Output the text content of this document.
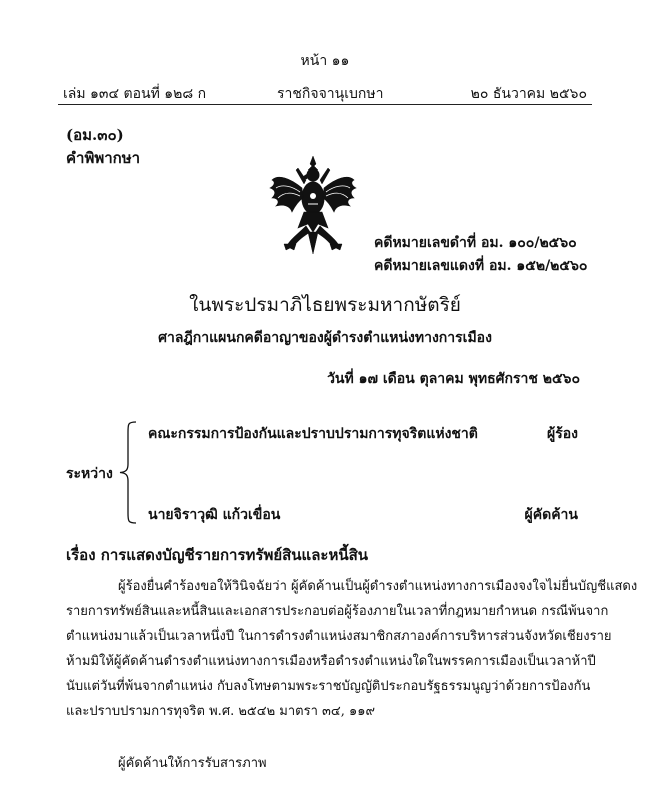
หน้า ๑๑
เล่ม ๑๓๔ ตอนที่ ๑๒๘ ก	ราชกิจจานุเบกษา	๒๐ ธันวาคม ๒๕๖๐
(อม.๓๐)
คำพิพากษา
คดีหมายเลขดำที่ อม. ๑๐๐/๒๕๖๐
คดีหมายเลขแดงที่ อม. ๑๕๒/๒๕๖๐
ในพระปรมาภิไธยพระมหากษัตริย์
ศาลฎีกาแผนกคดีอาญาของผู้ดำรงตำแหน่งทางการเมือง
วันที่ ๑๗ เดือน ตุลาคม พุทธศักราช ๒๕๖๐
คณะกรรมการป้องกันและปราบปรามการทุจริตแห่งชาติ	ผู้ร้อง
ระหว่าง
นายจิราวุฒิ แก้วเขื่อน	ผู้คัดค้าน
เรื่อง การแสดงบัญชีรายการทรัพย์สินและหนี้สิน
ผู้ร้องยื่นคำร้องขอให้วินิจฉัยว่า ผู้คัดค้านเป็นผู้ดำรงตำแหน่งทางการเมืองจงใจไม่ยื่นบัญชีแสดง
รายการทรัพย์สินและหนี้สินและเอกสารประกอบต่อผู้ร้องภายในเวลาที่กฎหมายกำหนด กรณีพ้นจาก
ตำแหน่งมาแล้วเป็นเวลาหนึ่งปี ในการดำรงตำแหน่งสมาชิกสภาองค์การบริหารส่วนจังหวัดเชียงราย
ห้ามมิให้ผู้คัดค้านดำรงตำแหน่งทางการเมืองหรือดำรงตำแหน่งใดในพรรคการเมืองเป็นเวลาห้าปี
นับแต่วันที่พ้นจากตำแหน่ง กับลงโทษตามพระราชบัญญัติประกอบรัฐธรรมนูญว่าด้วยการป้องกัน
และปราบปรามการทุจริต พ.ศ. ๒๕๔๒ มาตรา ๓๔, ๑๑๙
ผู้คัดค้านให้การรับสารภาพ
